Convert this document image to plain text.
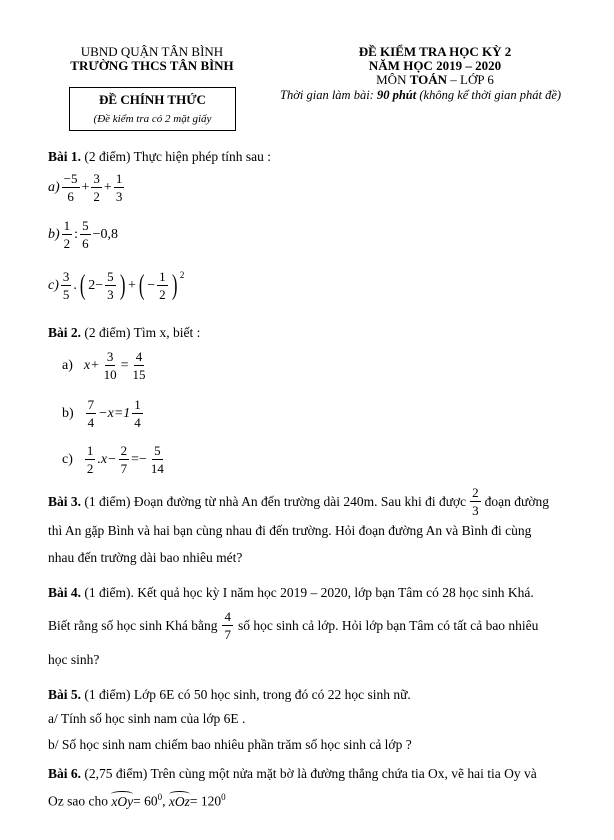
UBND QUẬN TÂN BÌNH
TRƯỜNG THCS TÂN BÌNH
ĐỀ CHÍNH THỨC
(Đề kiểm tra có 2 mặt giấy
ĐỀ KIỂM TRA HỌC KỲ 2
NĂM HỌC 2019 – 2020
MÔN TOÁN – LỚP 6
Thời gian làm bài: 90 phút (không kể thời gian phát đề)
Bài 1. (2 điểm) Thực hiện phép tính sau :
$a) \frac{-5}{6} + \frac{3}{2} + \frac{1}{3}$
$b) \frac{1}{2}$ : $\frac{5}{6} -0,8$
$c) \frac{3}{5}$ . ( $2- \frac{5}{3}$ ) + ( − $\frac{1}{2}$ ) $^2$
Bài 2. (2 điểm) Tìm x, biết :
a) $x+ \frac{3}{10} = \frac{4}{15}$
$b) \frac{7}{4} -x=1 \frac{1}{4}$
$c) \frac{1}{2} .x- \frac{2}{7} =- \frac{5}{14}$
Bài 3. (1 điểm) Đoạn đường từ nhà An đến trường dài 240m. Sau khi đi được $\frac{2}{3}$ đoạn đường
thì An gặp Bình và hai bạn cùng nhau đi đến trường. Hỏi đoạn đường An và Bình đi cùng
nhau đến trường dài bao nhiêu mét?
Bài 4. (1 điểm). Kết quả học kỳ I năm học 2019 – 2020, lớp bạn Tâm có 28 học sinh Khá.
Biết rằng số học sinh Khá bằng $\frac{4}{7}$ số học sinh cả lớp. Hỏi lớp bạn Tâm có tất cả bao nhiêu
học sinh?
Bài 5. (1 điểm) Lớp 6E có 50 học sinh, trong đó có 22 học sinh nữ.
a/ Tính số học sinh nam của lớp 6E .
b/ Số học sinh nam chiếm bao nhiêu phần trăm số học sinh cả lớp ?
Bài 6. (2,75 điểm) Trên cùng một nửa mặt bờ là đường thẳng chứa tia Ox, vẽ hai tia Oy và
Oz sao cho $xOy= 60^0$, $xOz= 120^0$
